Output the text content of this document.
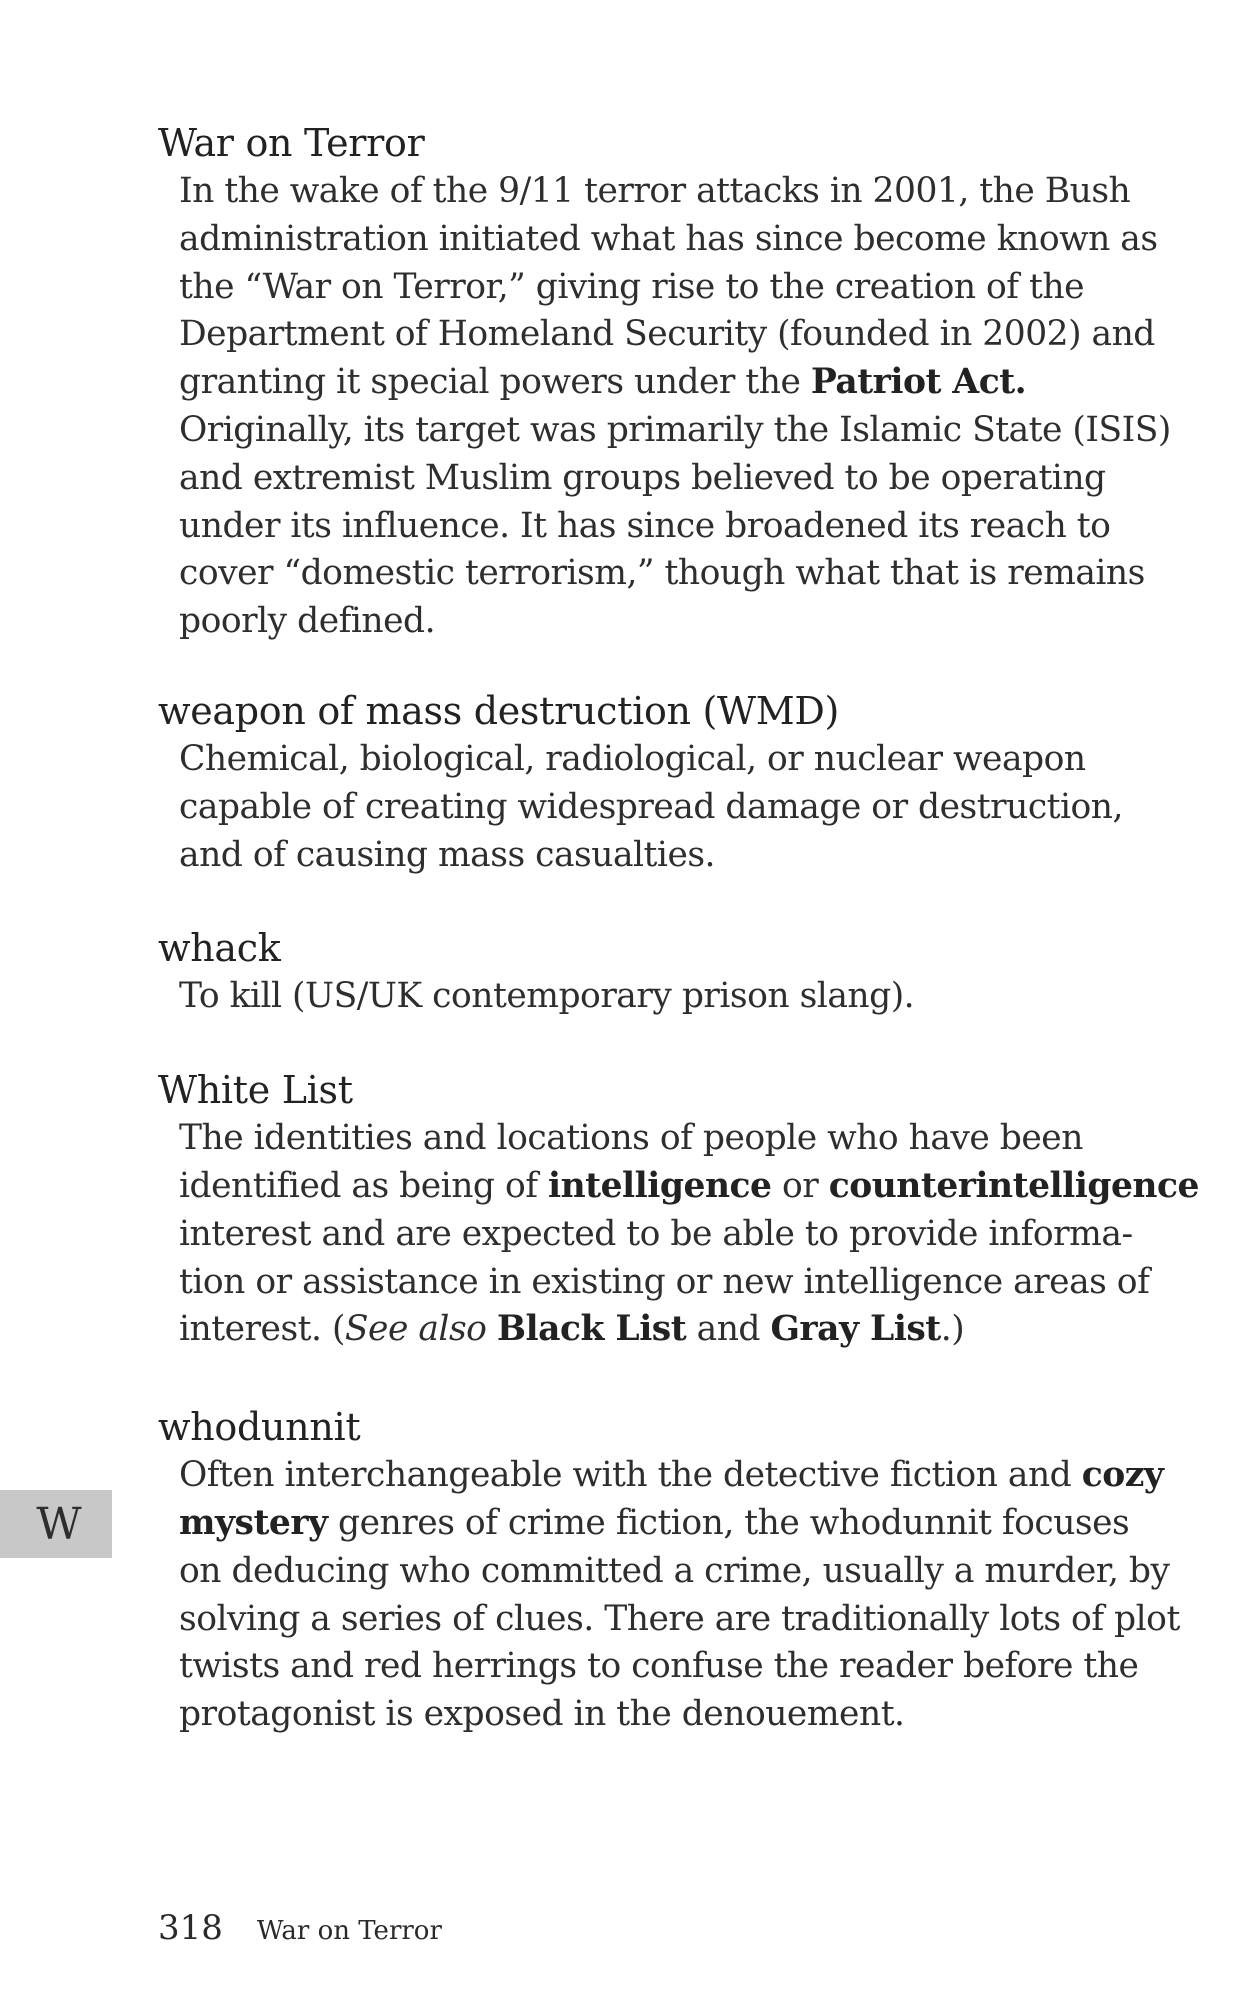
War on Terror
In the wake of the 9/11 terror attacks in 2001, the Bush
administration initiated what has since become known as
the “War on Terror,” giving rise to the creation of the
Department of Homeland Security (founded in 2002) and
granting it special powers under the Patriot Act.
Originally, its target was primarily the Islamic State (ISIS)
and extremist Muslim groups believed to be operating
under its influence. It has since broadened its reach to
cover “domestic terrorism,” though what that is remains
poorly defined.
weapon of mass destruction (WMD)
Chemical, biological, radiological, or nuclear weapon
capable of creating widespread damage or destruction,
and of causing mass casualties.
whack
To kill (US/UK contemporary prison slang).
White List
The identities and locations of people who have been
identified as being of intelligence or counterintelligence
interest and are expected to be able to provide informa-
tion or assistance in existing or new intelligence areas of
interest. (See also Black List and Gray List.)
whodunnit
Often interchangeable with the detective fiction and cozy
mystery genres of crime fiction, the whodunnit focuses
on deducing who committed a crime, usually a murder, by
solving a series of clues. There are traditionally lots of plot
twists and red herrings to confuse the reader before the
protagonist is exposed in the denouement.
W
318 War on Terror
